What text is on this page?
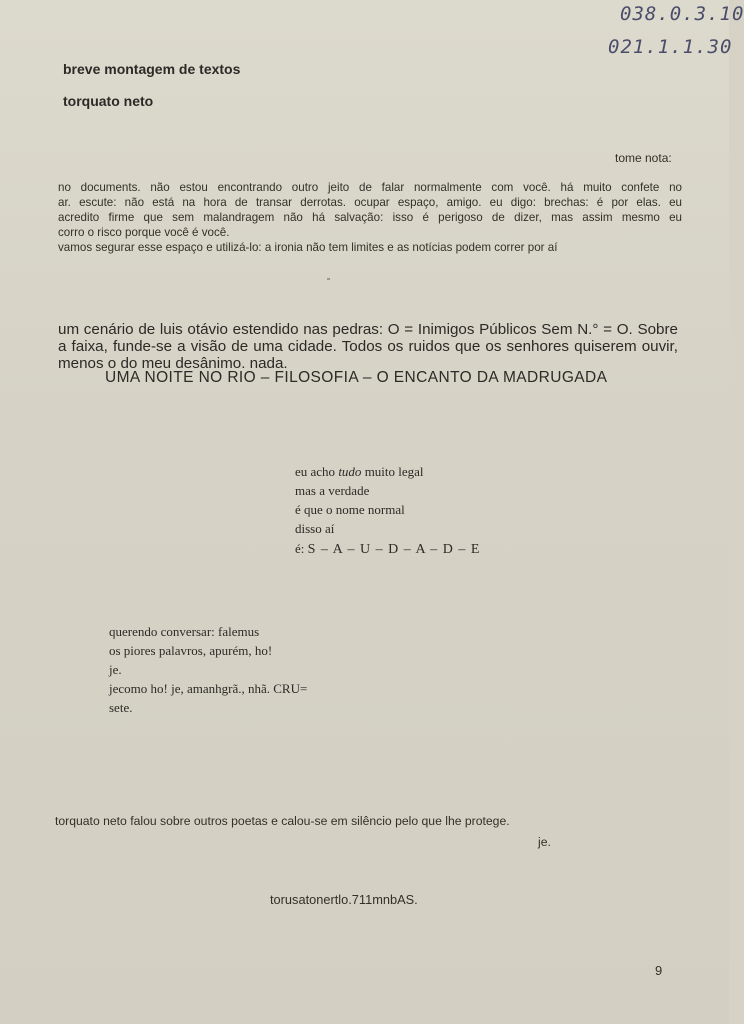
038.0.3.10
021.1.1.30
breve montagem de textos
torquato neto
tome nota:
no documents. não estou encontrando outro jeito de falar normalmente com você. há muito confete no
ar. escute: não está na hora de transar derrotas. ocupar espaço, amigo. eu digo: brechas: é por elas. eu
acredito firme que sem malandragem não há salvação: isso é perigoso de dizer, mas assim mesmo eu
corro o risco porque você é você.
vamos segurar esse espaço e utilizá-lo: a ironia não tem limites e as notícias podem correr por aí
um cenário de luis otávio estendido nas pedras: O = Inimigos Públicos Sem N.° = O. Sobre a faixa, funde-se a visão de uma cidade. Todos os ruidos que os senhores quiserem ouvir, menos o do meu desânimo. nada.
UMA NOITE NO RIO – FILOSOFIA – O ENCANTO DA MADRUGADA
eu acho tudo muito legal
mas a verdade
é que o nome normal
disso aí
é: S – A – U – D – A – D – E
querendo conversar: falemus
os piores palavros, apurém, ho!
je.
jecomo ho! je, amanhgrã., nhã. CRU=
sete.
torquato neto falou sobre outros poetas e calou-se em silêncio pelo que lhe protege.
je.
torusatonertlo.711mnbAS.
9
